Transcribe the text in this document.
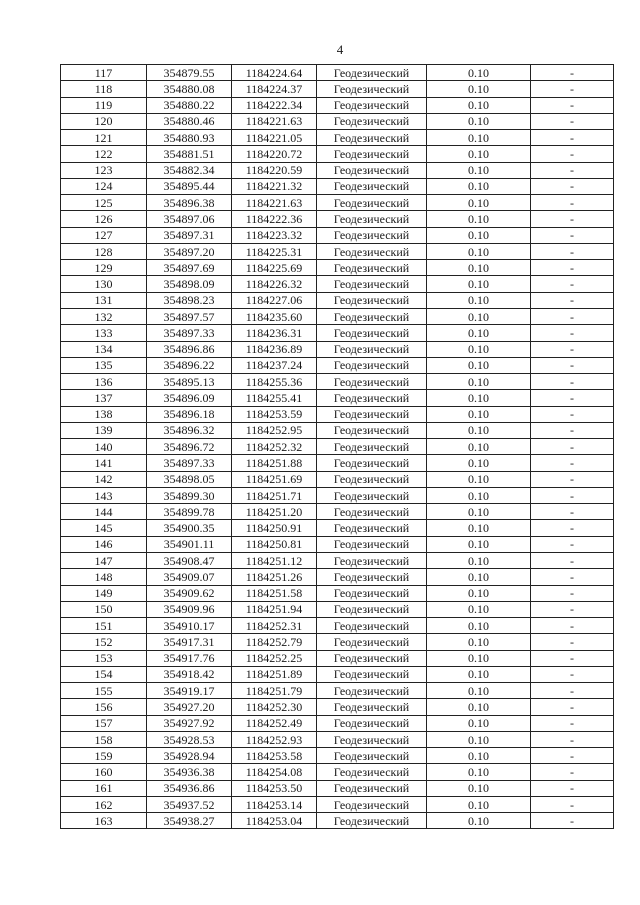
4
117	354879.55	1184224.64	Геодезический	0.10	-
118	354880.08	1184224.37	Геодезический	0.10	-
119	354880.22	1184222.34	Геодезический	0.10	-
120	354880.46	1184221.63	Геодезический	0.10	-
121	354880.93	1184221.05	Геодезический	0.10	-
122	354881.51	1184220.72	Геодезический	0.10	-
123	354882.34	1184220.59	Геодезический	0.10	-
124	354895.44	1184221.32	Геодезический	0.10	-
125	354896.38	1184221.63	Геодезический	0.10	-
126	354897.06	1184222.36	Геодезический	0.10	-
127	354897.31	1184223.32	Геодезический	0.10	-
128	354897.20	1184225.31	Геодезический	0.10	-
129	354897.69	1184225.69	Геодезический	0.10	-
130	354898.09	1184226.32	Геодезический	0.10	-
131	354898.23	1184227.06	Геодезический	0.10	-
132	354897.57	1184235.60	Геодезический	0.10	-
133	354897.33	1184236.31	Геодезический	0.10	-
134	354896.86	1184236.89	Геодезический	0.10	-
135	354896.22	1184237.24	Геодезический	0.10	-
136	354895.13	1184255.36	Геодезический	0.10	-
137	354896.09	1184255.41	Геодезический	0.10	-
138	354896.18	1184253.59	Геодезический	0.10	-
139	354896.32	1184252.95	Геодезический	0.10	-
140	354896.72	1184252.32	Геодезический	0.10	-
141	354897.33	1184251.88	Геодезический	0.10	-
142	354898.05	1184251.69	Геодезический	0.10	-
143	354899.30	1184251.71	Геодезический	0.10	-
144	354899.78	1184251.20	Геодезический	0.10	-
145	354900.35	1184250.91	Геодезический	0.10	-
146	354901.11	1184250.81	Геодезический	0.10	-
147	354908.47	1184251.12	Геодезический	0.10	-
148	354909.07	1184251.26	Геодезический	0.10	-
149	354909.62	1184251.58	Геодезический	0.10	-
150	354909.96	1184251.94	Геодезический	0.10	-
151	354910.17	1184252.31	Геодезический	0.10	-
152	354917.31	1184252.79	Геодезический	0.10	-
153	354917.76	1184252.25	Геодезический	0.10	-
154	354918.42	1184251.89	Геодезический	0.10	-
155	354919.17	1184251.79	Геодезический	0.10	-
156	354927.20	1184252.30	Геодезический	0.10	-
157	354927.92	1184252.49	Геодезический	0.10	-
158	354928.53	1184252.93	Геодезический	0.10	-
159	354928.94	1184253.58	Геодезический	0.10	-
160	354936.38	1184254.08	Геодезический	0.10	-
161	354936.86	1184253.50	Геодезический	0.10	-
162	354937.52	1184253.14	Геодезический	0.10	-
163	354938.27	1184253.04	Геодезический	0.10	-
